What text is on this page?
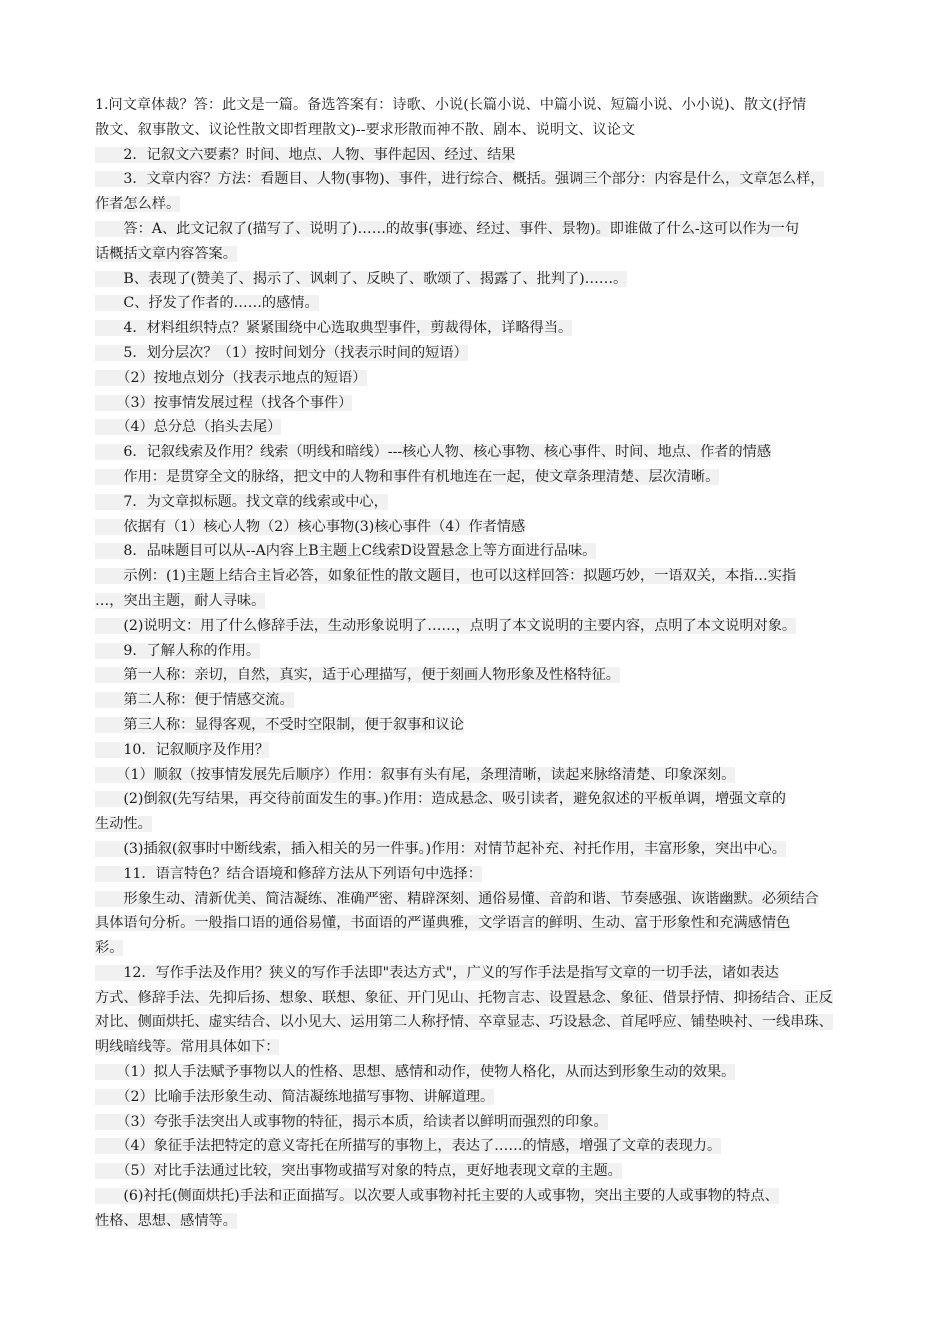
1.问文章体裁？答：此文是一篇。备选答案有：诗歌、小说(长篇小说、中篇小说、短篇小说、小小说)、散文(抒情
散文、叙事散文、议论性散文即哲理散文)--要求形散而神不散、剧本、说明文、议论文
　　2．记叙文六要素？时间、地点、人物、事件起因、经过、结果
　　3．文章内容？方法：看题目、人物(事物)、事件，进行综合、概括。强调三个部分：内容是什么，文章怎么样，
作者怎么样。
　　答：A、此文记叙了(描写了、说明了)……的故事(事迹、经过、事件、景物)。即谁做了什么-这可以作为一句
话概括文章内容答案。
　　B、表现了(赞美了、揭示了、讽刺了、反映了、歌颂了、揭露了、批判了)……。
　　C、抒发了作者的……的感情。
　　4．材料组织特点？紧紧围绕中心选取典型事件，剪裁得体，详略得当。
　　5．划分层次？（1）按时间划分（找表示时间的短语）
　　（2）按地点划分（找表示地点的短语）
　　（3）按事情发展过程（找各个事件）
　　（4）总分总（掐头去尾）
　　6．记叙线索及作用？线索（明线和暗线）---核心人物、核心事物、核心事件、时间、地点、作者的情感
　　作用：是贯穿全文的脉络，把文中的人物和事件有机地连在一起，使文章条理清楚、层次清晰。
　　7．为文章拟标题。找文章的线索或中心，
　　依据有（1）核心人物（2）核心事物(3)核心事件（4）作者情感
　　8．品味题目可以从--A内容上B主题上C线索D设置悬念上等方面进行品味。
　　示例：(1)主题上结合主旨必答，如象征性的散文题目，也可以这样回答：拟题巧妙，一语双关，本指…实指
…，突出主题，耐人寻味。
　　(2)说明文：用了什么修辞手法，生动形象说明了……，点明了本文说明的主要内容，点明了本文说明对象。
　　9．了解人称的作用。
　　第一人称：亲切，自然，真实，适于心理描写，便于刻画人物形象及性格特征。
　　第二人称：便于情感交流。
　　第三人称：显得客观，不受时空限制，便于叙事和议论
　　10．记叙顺序及作用？
　　（1）顺叙（按事情发展先后顺序）作用：叙事有头有尾，条理清晰，读起来脉络清楚、印象深刻。
　　(2)倒叙(先写结果，再交待前面发生的事。)作用：造成悬念、吸引读者，避免叙述的平板单调，增强文章的
生动性。
　　(3)插叙(叙事时中断线索，插入相关的另一件事。)作用：对情节起补充、衬托作用，丰富形象，突出中心。
　　11．语言特色？结合语境和修辞方法从下列语句中选择：
　　形象生动、清新优美、简洁凝练、准确严密、精辟深刻、通俗易懂、音韵和谐、节奏感强、诙谐幽默。必须结合
具体语句分析。一般指口语的通俗易懂，书面语的严谨典雅，文学语言的鲜明、生动、富于形象性和充满感情色
彩。
　　12．写作手法及作用？狭义的写作手法即"表达方式"，广义的写作手法是指写文章的一切手法，诸如表达
方式、修辞手法、先抑后扬、想象、联想、象征、开门见山、托物言志、设置悬念、象征、借景抒情、抑扬结合、正反
对比、侧面烘托、虚实结合、以小见大、运用第二人称抒情、卒章显志、巧设悬念、首尾呼应、铺垫映衬、一线串珠、
明线暗线等。常用具体如下：
　　（1）拟人手法赋予事物以人的性格、思想、感情和动作，使物人格化，从而达到形象生动的效果。
　　（2）比喻手法形象生动、简洁凝练地描写事物、讲解道理。
　　（3）夸张手法突出人或事物的特征，揭示本质，给读者以鲜明而强烈的印象。
　　（4）象征手法把特定的意义寄托在所描写的事物上，表达了……的情感，增强了文章的表现力。
　　（5）对比手法通过比较，突出事物或描写对象的特点，更好地表现文章的主题。
　　(6)衬托(侧面烘托)手法和正面描写。以次要人或事物衬托主要的人或事物，突出主要的人或事物的特点、
性格、思想、感情等。
